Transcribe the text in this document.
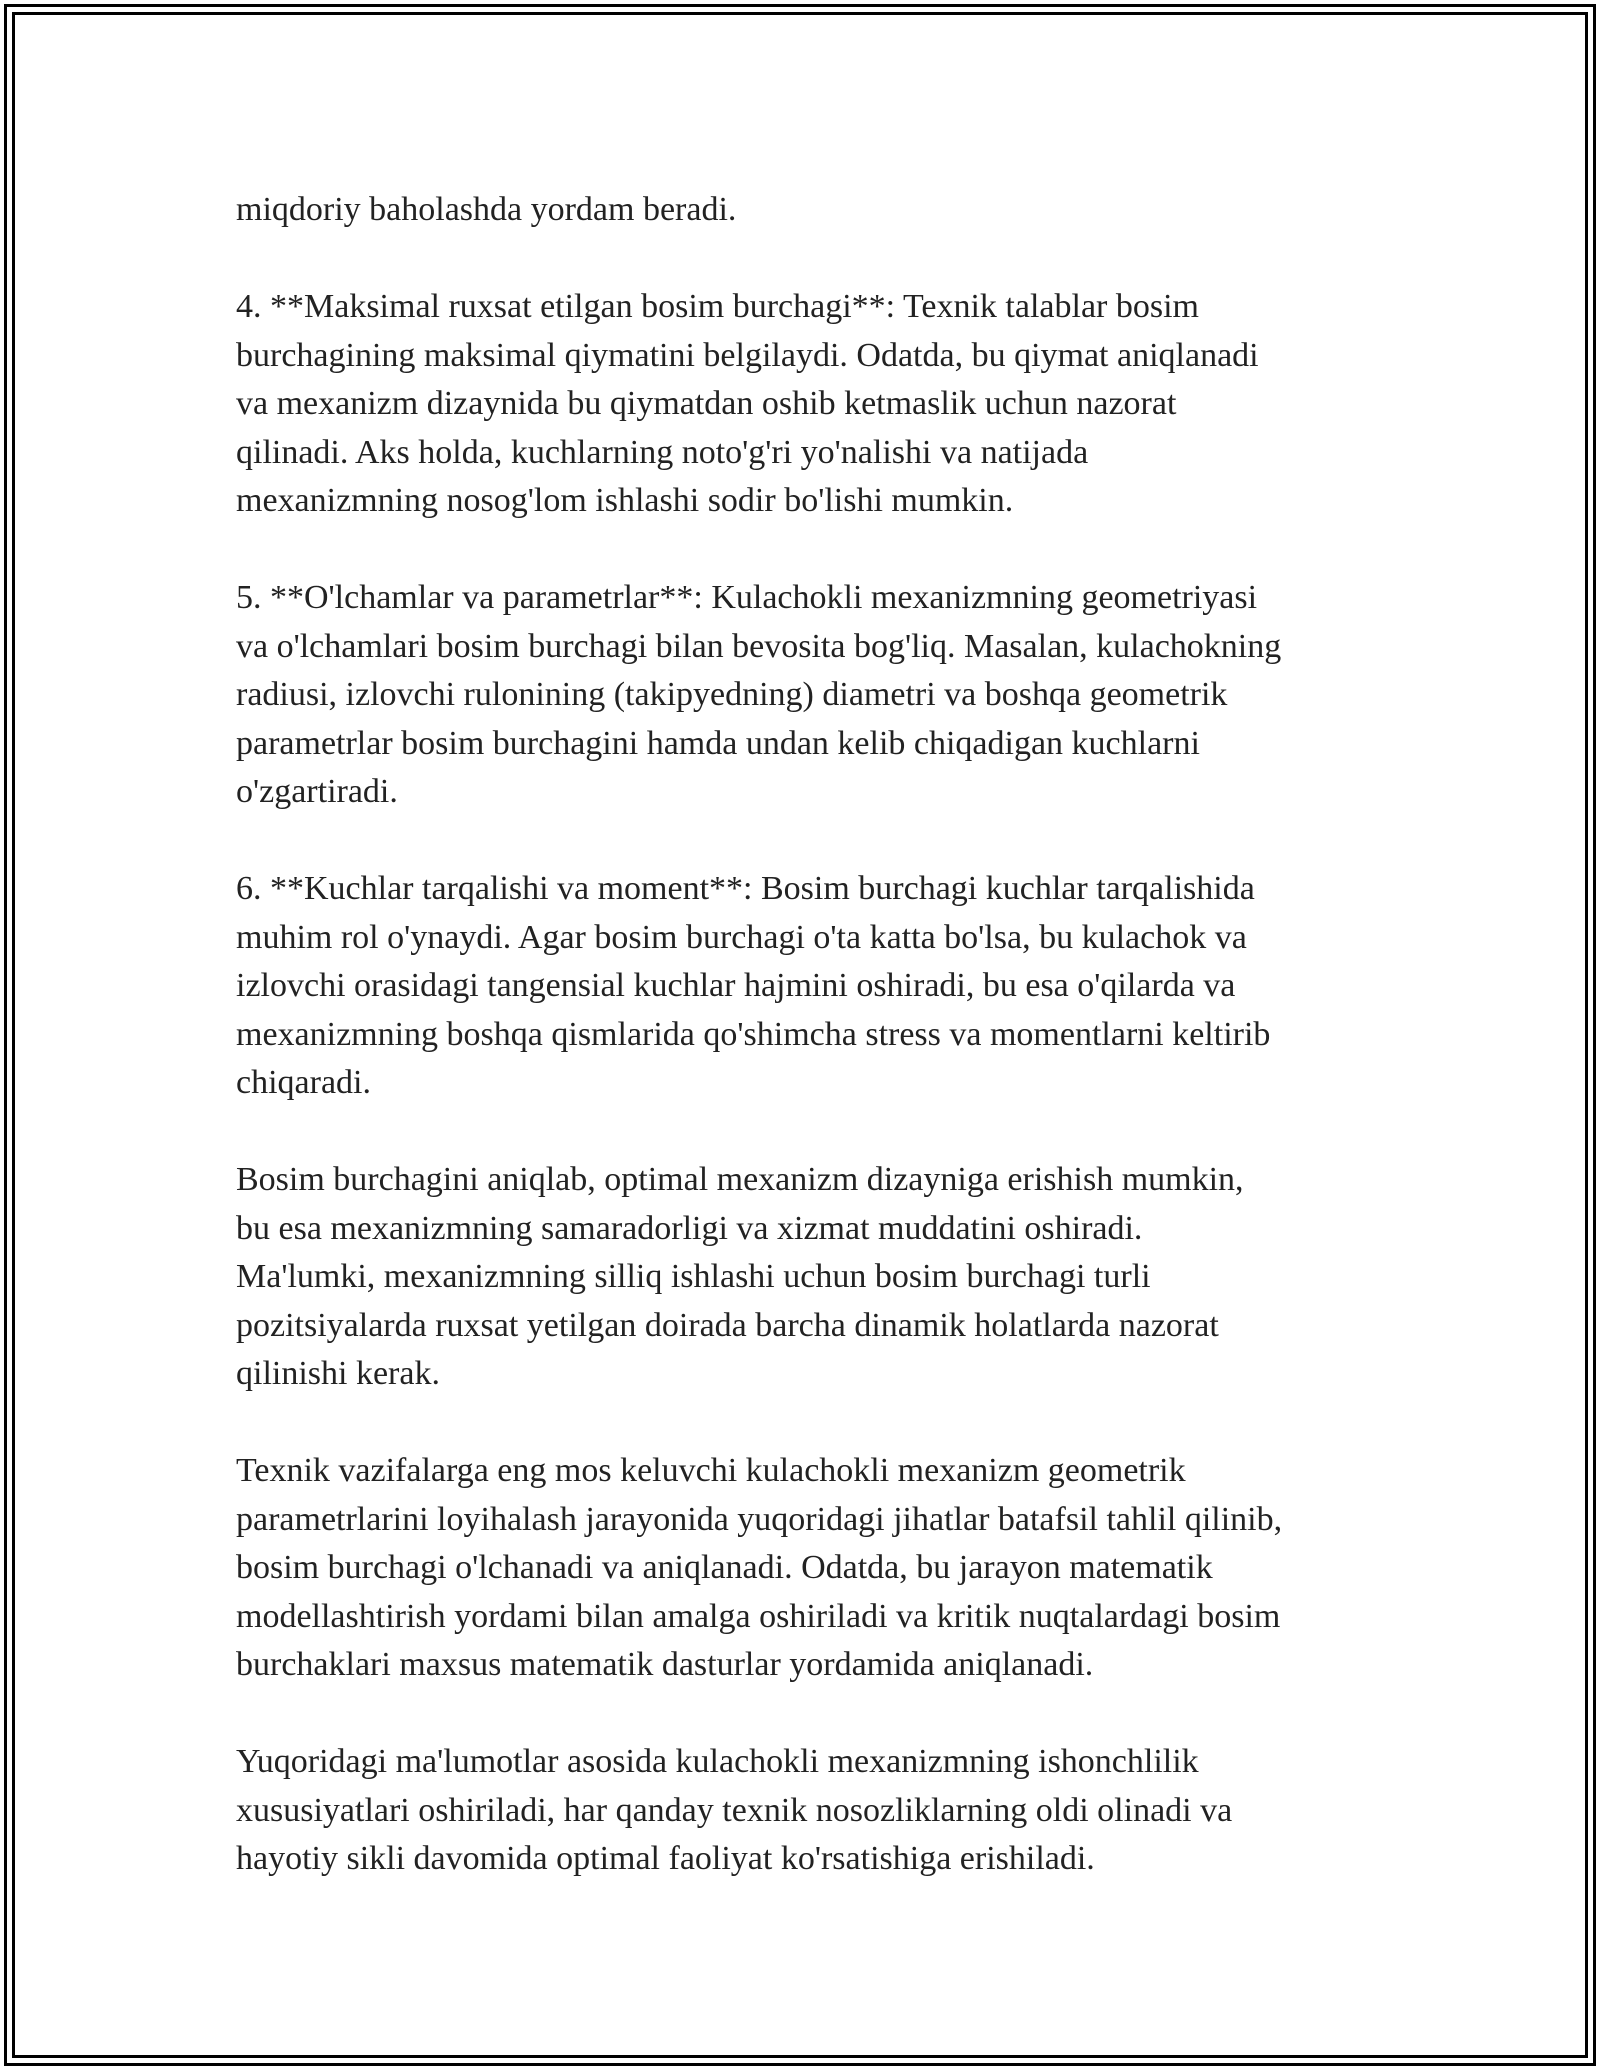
miqdoriy baholashda yordam beradi.

4. **Maksimal ruxsat etilgan bosim burchagi**: Texnik talablar bosim
burchagining maksimal qiymatini belgilaydi. Odatda, bu qiymat aniqlanadi
va mexanizm dizaynida bu qiymatdan oshib ketmaslik uchun nazorat
qilinadi. Aks holda, kuchlarning noto'g'ri yo'nalishi va natijada
mexanizmning nosog'lom ishlashi sodir bo'lishi mumkin.

5. **O'lchamlar va parametrlar**: Kulachokli mexanizmning geometriyasi
va o'lchamlari bosim burchagi bilan bevosita bog'liq. Masalan, kulachokning
radiusi, izlovchi rulonining (takipyedning) diametri va boshqa geometrik
parametrlar bosim burchagini hamda undan kelib chiqadigan kuchlarni
o'zgartiradi.

6. **Kuchlar tarqalishi va moment**: Bosim burchagi kuchlar tarqalishida
muhim rol o'ynaydi. Agar bosim burchagi o'ta katta bo'lsa, bu kulachok va
izlovchi orasidagi tangensial kuchlar hajmini oshiradi, bu esa o'qilarda va
mexanizmning boshqa qismlarida qo'shimcha stress va momentlarni keltirib
chiqaradi.

Bosim burchagini aniqlab, optimal mexanizm dizayniga erishish mumkin,
bu esa mexanizmning samaradorligi va xizmat muddatini oshiradi.
Ma'lumki, mexanizmning silliq ishlashi uchun bosim burchagi turli
pozitsiyalarda ruxsat yetilgan doirada barcha dinamik holatlarda nazorat
qilinishi kerak.

Texnik vazifalarga eng mos keluvchi kulachokli mexanizm geometrik
parametrlarini loyihalash jarayonida yuqoridagi jihatlar batafsil tahlil qilinib,
bosim burchagi o'lchanadi va aniqlanadi. Odatda, bu jarayon matematik
modellashtirish yordami bilan amalga oshiriladi va kritik nuqtalardagi bosim
burchaklari maxsus matematik dasturlar yordamida aniqlanadi.

Yuqoridagi ma'lumotlar asosida kulachokli mexanizmning ishonchlilik
xususiyatlari oshiriladi, har qanday texnik nosozliklarning oldi olinadi va
hayotiy sikli davomida optimal faoliyat ko'rsatishiga erishiladi.
